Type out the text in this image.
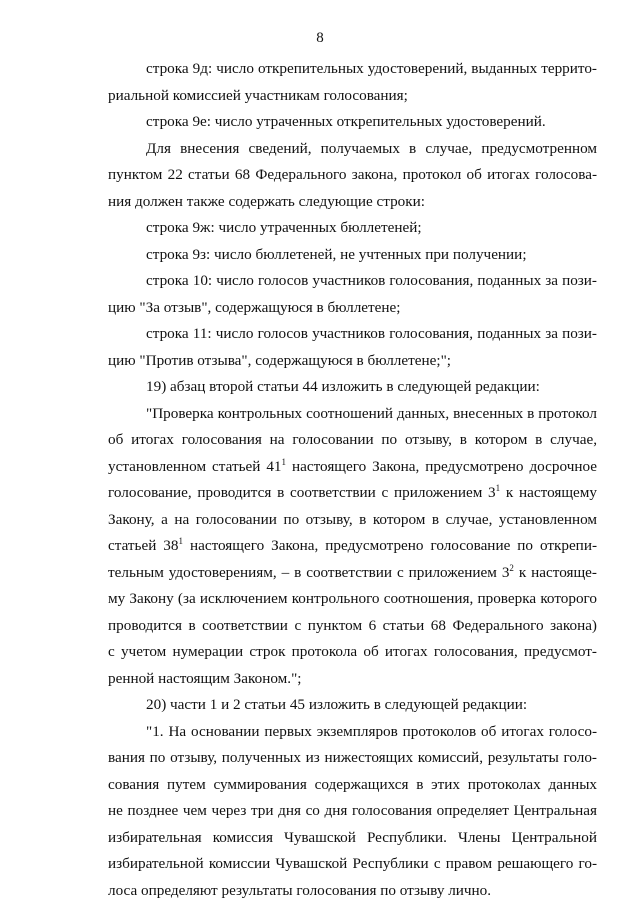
8
строка 9д: число открепительных удостоверений, выданных террито-
риальной комиссией участникам голосования;
строка 9е: число утраченных открепительных удостоверений.
Для внесения сведений, получаемых в случае, предусмотренном
пунктом 22 статьи 68 Федерального закона, протокол об итогах голосова-
ния должен также содержать следующие строки:
строка 9ж: число утраченных бюллетеней;
строка 9з: число бюллетеней, не учтенных при получении;
строка 10: число голосов участников голосования, поданных за пози-
цию "За отзыв", содержащуюся в бюллетене;
строка 11: число голосов участников голосования, поданных за пози-
цию "Против отзыва", содержащуюся в бюллетене;";
19) абзац второй статьи 44 изложить в следующей редакции:
"Проверка контрольных соотношений данных, внесенных в протокол
об итогах голосования на голосовании по отзыву, в котором в случае,
установленном статьей $41^1$ настоящего Закона, предусмотрено досрочное
голосование, проводится в соответствии с приложением $3^1$ к настоящему
Закону, а на голосовании по отзыву, в котором в случае, установленном
статьей $38^1$ настоящего Закона, предусмотрено голосование по открепи-
тельным удостоверениям, – в соответствии с приложением $3^2$ к настояще-
му Закону (за исключением контрольного соотношения, проверка которого
проводится в соответствии с пунктом 6 статьи 68 Федерального закона)
с учетом нумерации строк протокола об итогах голосования, предусмот-
ренной настоящим Законом.";
20) части 1 и 2 статьи 45 изложить в следующей редакции:
"1. На основании первых экземпляров протоколов об итогах голосо-
вания по отзыву, полученных из нижестоящих комиссий, результаты голо-
сования путем суммирования содержащихся в этих протоколах данных
не позднее чем через три дня со дня голосования определяет Центральная
избирательная комиссия Чувашской Республики. Члены Центральной
избирательной комиссии Чувашской Республики с правом решающего го-
лоса определяют результаты голосования по отзыву лично.
